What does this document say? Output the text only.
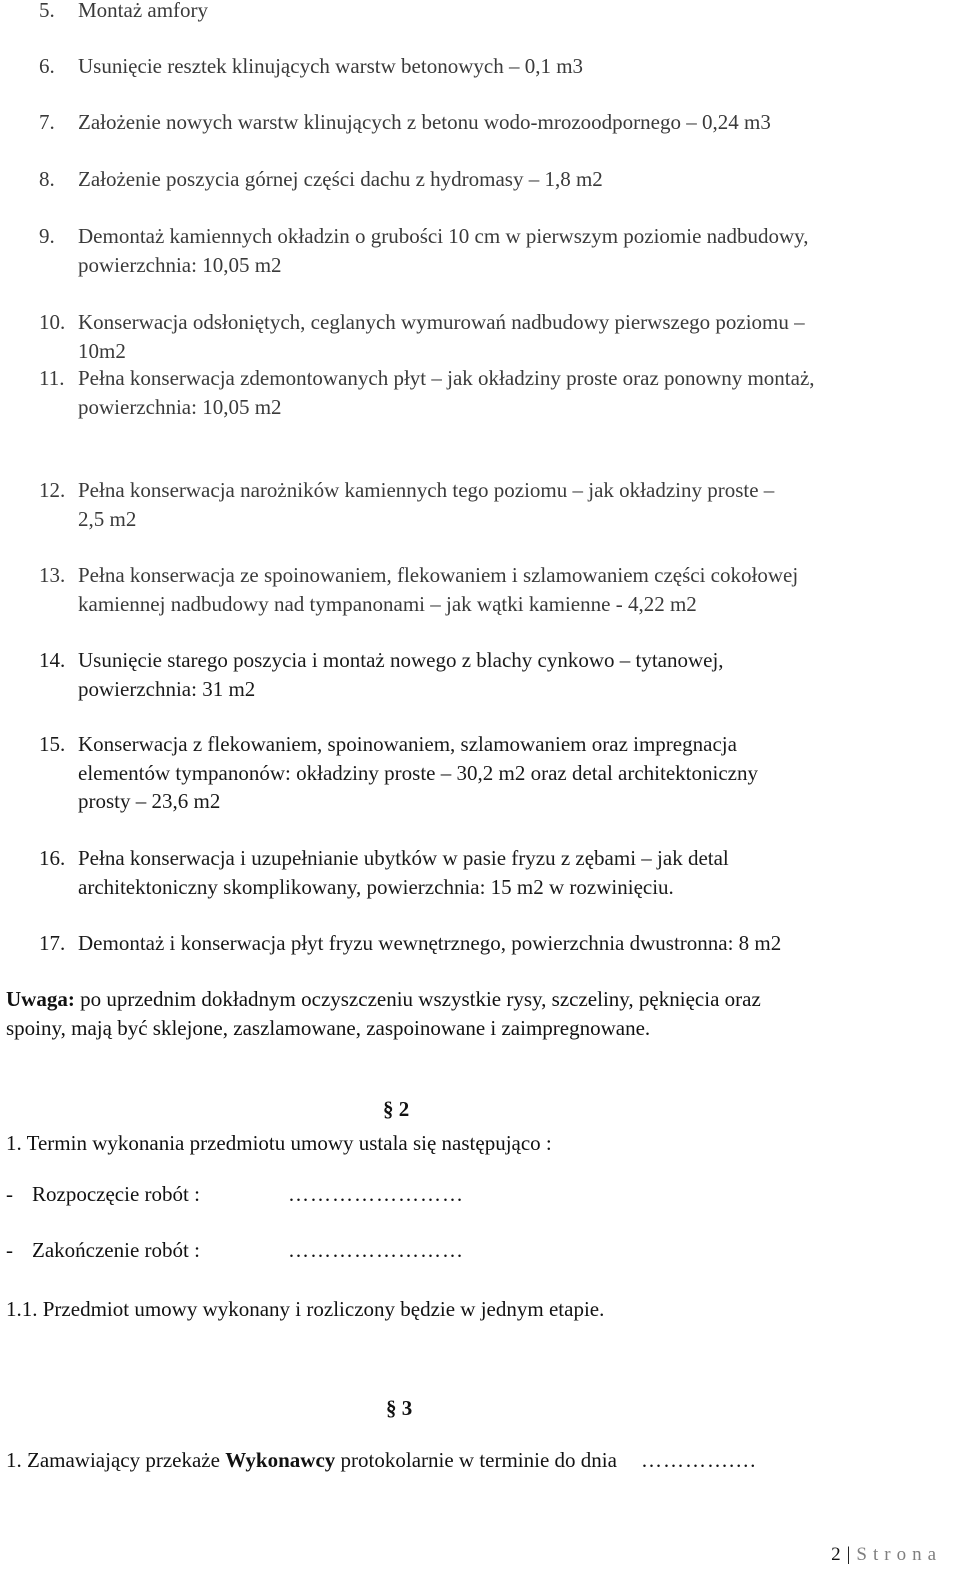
5. Montaż amfory
6. Usunięcie resztek klinujących warstw betonowych – 0,1 m3
7. Założenie nowych warstw klinujących z betonu wodo-mrozoodpornego – 0,24 m3
8. Założenie poszycia górnej części dachu z hydromasy – 1,8 m2
9. Demontaż kamiennych okładzin o grubości 10 cm w pierwszym poziomie nadbudowy,
powierzchnia: 10,05 m2
10. Konserwacja odsłoniętych, ceglanych wymurowań nadbudowy pierwszego poziomu –
10m2
11. Pełna konserwacja zdemontowanych płyt – jak okładziny proste oraz ponowny montaż,
powierzchnia: 10,05 m2
12. Pełna konserwacja narożników kamiennych tego poziomu – jak okładziny proste –
2,5 m2
13. Pełna konserwacja ze spoinowaniem, flekowaniem i szlamowaniem części cokołowej
kamiennej nadbudowy nad tympanonami – jak wątki kamienne - 4,22 m2
14. Usunięcie starego poszycia i montaż nowego z blachy cynkowo – tytanowej,
powierzchnia: 31 m2
15. Konserwacja z flekowaniem, spoinowaniem, szlamowaniem oraz impregnacja
elementów tympanonów: okładziny proste – 30,2 m2 oraz detal architektoniczny
prosty – 23,6 m2
16. Pełna konserwacja i uzupełnianie ubytków w pasie fryzu z zębami – jak detal
architektoniczny skomplikowany, powierzchnia: 15 m2 w rozwinięciu.
17. Demontaż i konserwacja płyt fryzu wewnętrznego, powierzchnia dwustronna: 8 m2
Uwaga: po uprzednim dokładnym oczyszczeniu wszystkie rysy, szczeliny, pęknięcia oraz
spoiny, mają być sklejone, zaszlamowane, zaspoinowane i zaimpregnowane.
§ 2
1. Termin wykonania przedmiotu umowy ustala się następująco :
- Rozpoczęcie robót :	……………………
- Zakończenie robót :	……………………
1.1. Przedmiot umowy wykonany i rozliczony będzie w jednym etapie.
§ 3
1. Zamawiający przekaże Wykonawcy protokolarnie w terminie do dnia ………….…
2 | Strona
